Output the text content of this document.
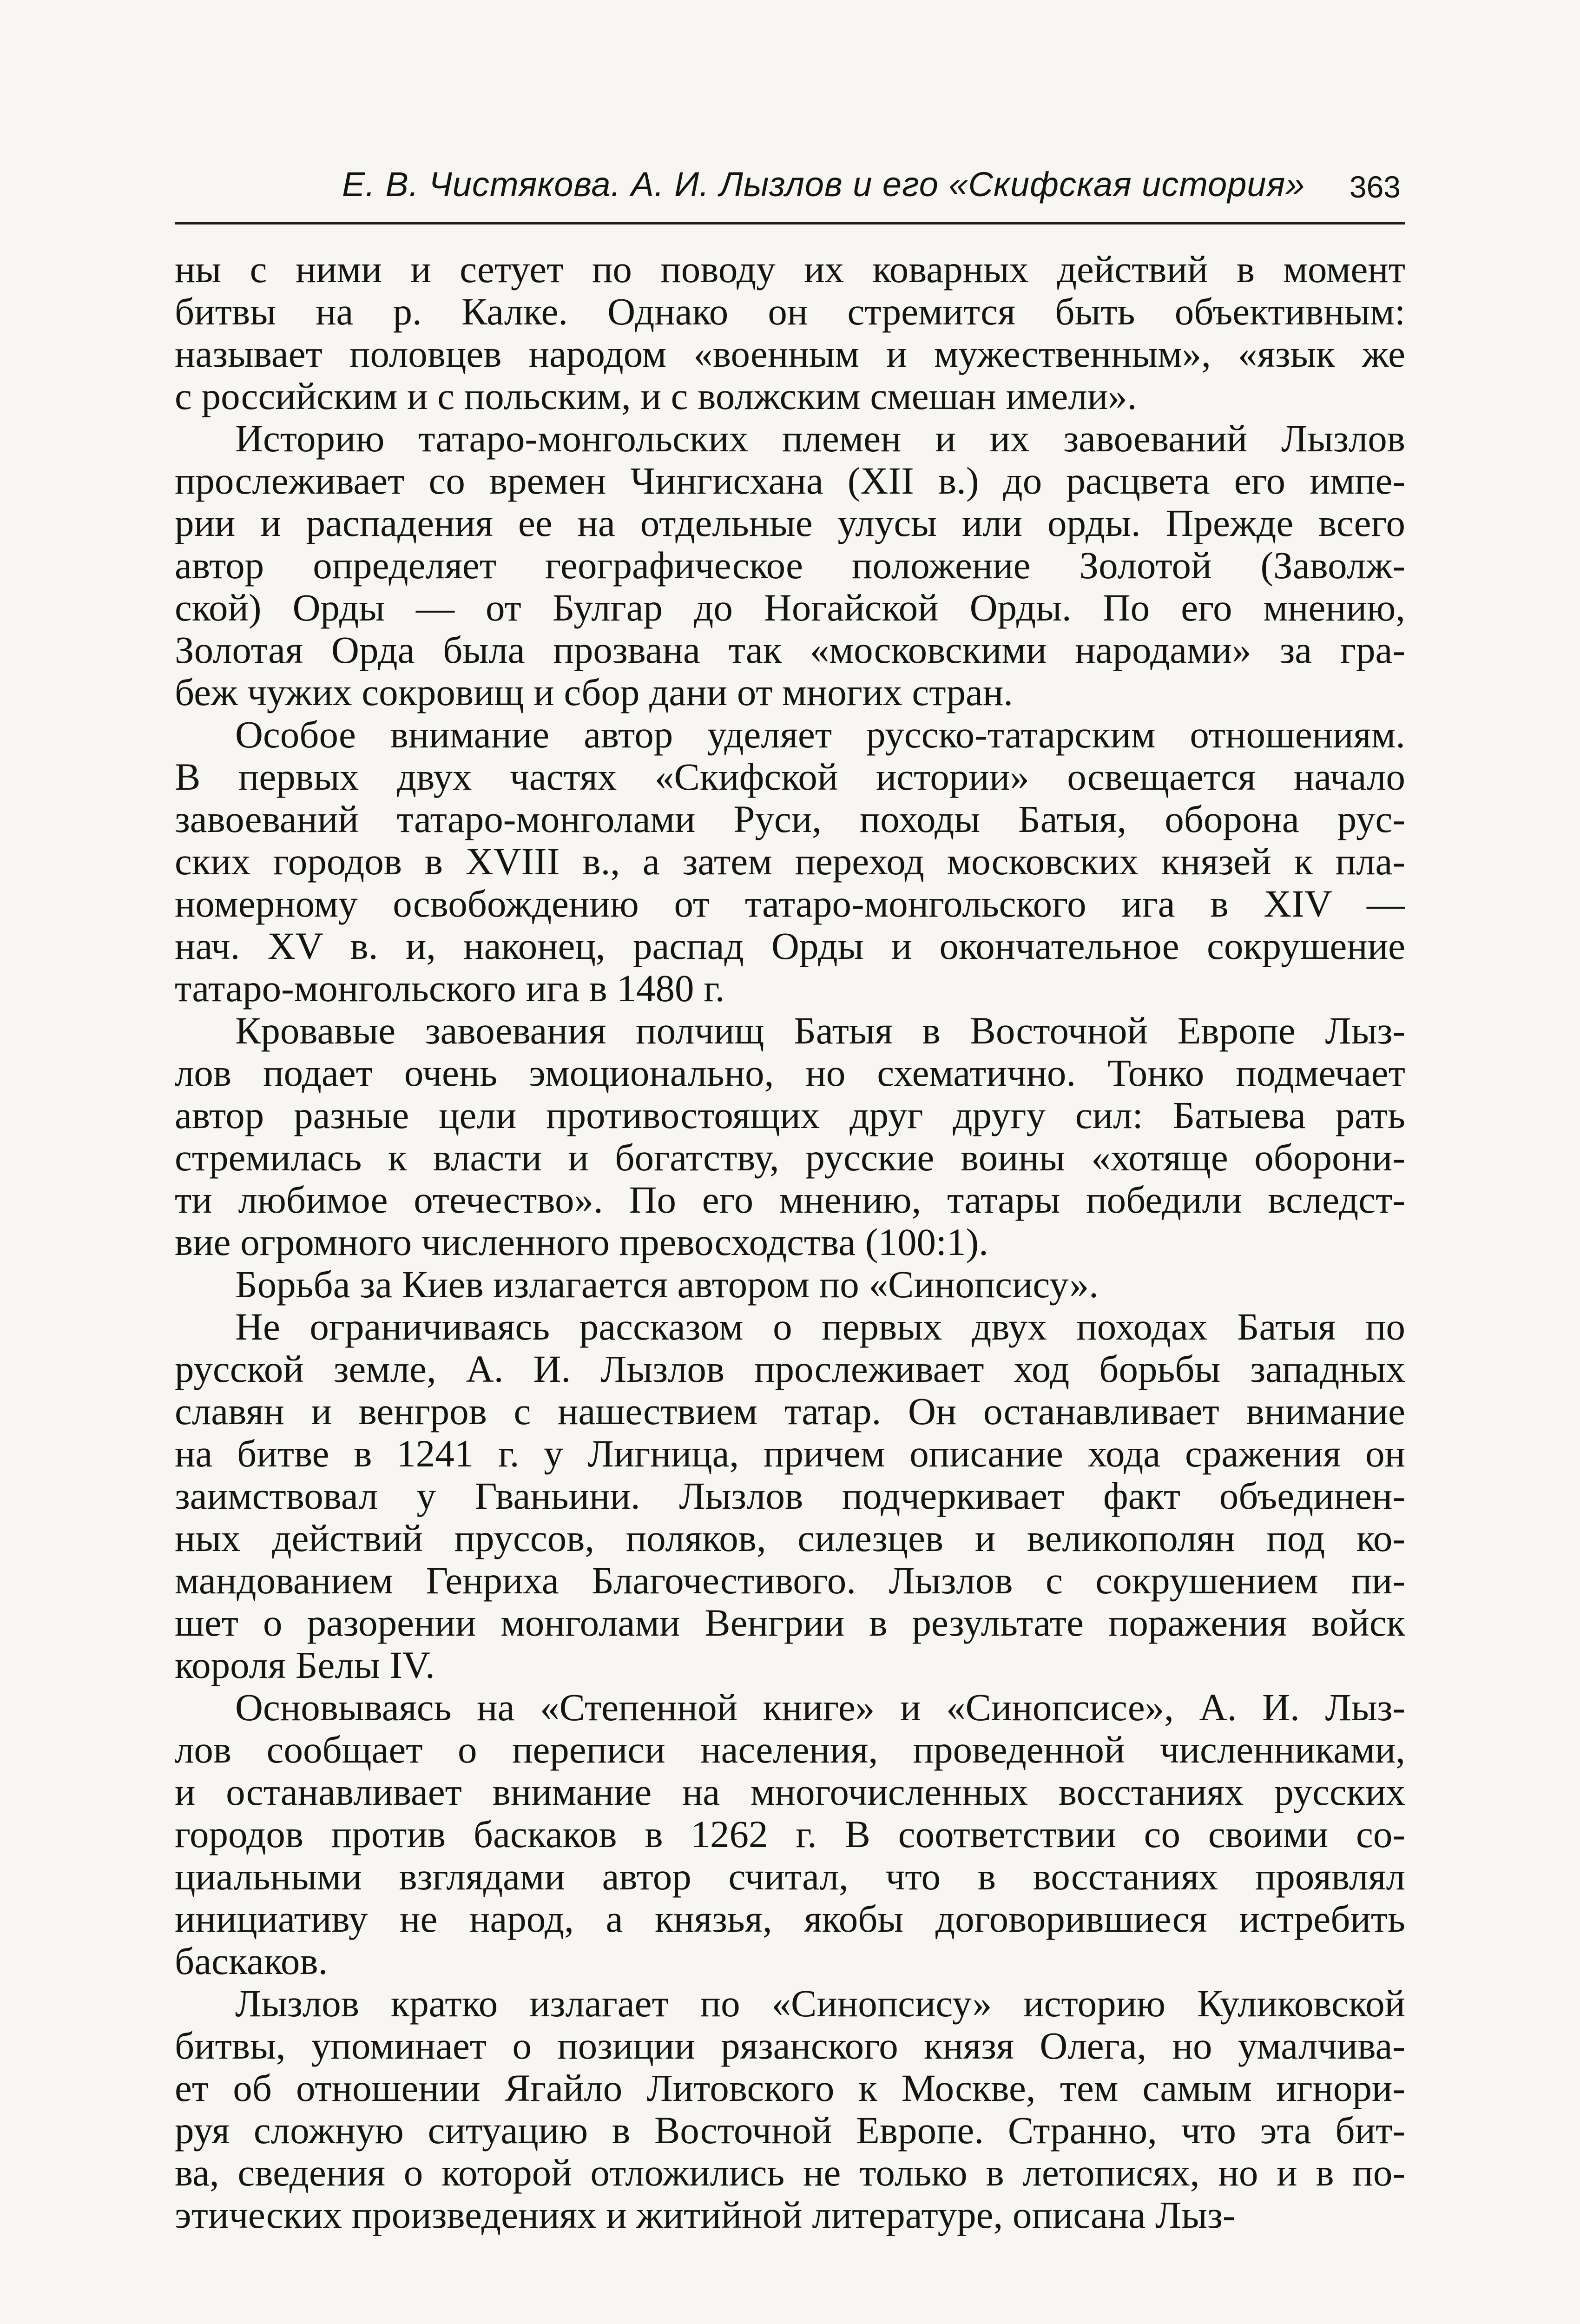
Е. В. Чистякова. А. И. Лызлов и его «Скифская история» 363
ны с ними и сетует по поводу их коварных действий в момент
битвы на р. Калке. Однако он стремится быть объективным:
называет половцев народом «военным и мужественным», «язык же
с российским и с польским, и с волжским смешан имели».
Историю татаро-монгольских племен и их завоеваний Лызлов
прослеживает со времен Чингисхана (XII в.) до расцвета его импе-
рии и распадения ее на отдельные улусы или орды. Прежде всего
автор определяет географическое положение Золотой (Заволж-
ской) Орды — от Булгар до Ногайской Орды. По его мнению,
Золотая Орда была прозвана так «московскими народами» за гра-
беж чужих сокровищ и сбор дани от многих стран.
Особое внимание автор уделяет русско-татарским отношениям.
В первых двух частях «Скифской истории» освещается начало
завоеваний татаро-монголами Руси, походы Батыя, оборона рус-
ских городов в XVIII в., а затем переход московских князей к пла-
номерному освобождению от татаро-монгольского ига в XIV —
нач. XV в. и, наконец, распад Орды и окончательное сокрушение
татаро-монгольского ига в 1480 г.
Кровавые завоевания полчищ Батыя в Восточной Европе Лыз-
лов подает очень эмоционально, но схематично. Тонко подмечает
автор разные цели противостоящих друг другу сил: Батыева рать
стремилась к власти и богатству, русские воины «хотяще оборони-
ти любимое отечество». По его мнению, татары победили вследст-
вие огромного численного превосходства (100:1).
Борьба за Киев излагается автором по «Синопсису».
Не ограничиваясь рассказом о первых двух походах Батыя по
русской земле, А. И. Лызлов прослеживает ход борьбы западных
славян и венгров с нашествием татар. Он останавливает внимание
на битве в 1241 г. у Лигница, причем описание хода сражения он
заимствовал у Гваньини. Лызлов подчеркивает факт объединен-
ных действий пруссов, поляков, силезцев и великополян под ко-
мандованием Генриха Благочестивого. Лызлов с сокрушением пи-
шет о разорении монголами Венгрии в результате поражения войск
короля Белы IV.
Основываясь на «Степенной книге» и «Синопсисе», А. И. Лыз-
лов сообщает о переписи населения, проведенной численниками,
и останавливает внимание на многочисленных восстаниях русских
городов против баскаков в 1262 г. В соответствии со своими со-
циальными взглядами автор считал, что в восстаниях проявлял
инициативу не народ, а князья, якобы договорившиеся истребить
баскаков.
Лызлов кратко излагает по «Синопсису» историю Куликовской
битвы, упоминает о позиции рязанского князя Олега, но умалчива-
ет об отношении Ягайло Литовского к Москве, тем самым игнори-
руя сложную ситуацию в Восточной Европе. Странно, что эта бит-
ва, сведения о которой отложились не только в летописях, но и в по-
этических произведениях и житийной литературе, описана Лыз-
